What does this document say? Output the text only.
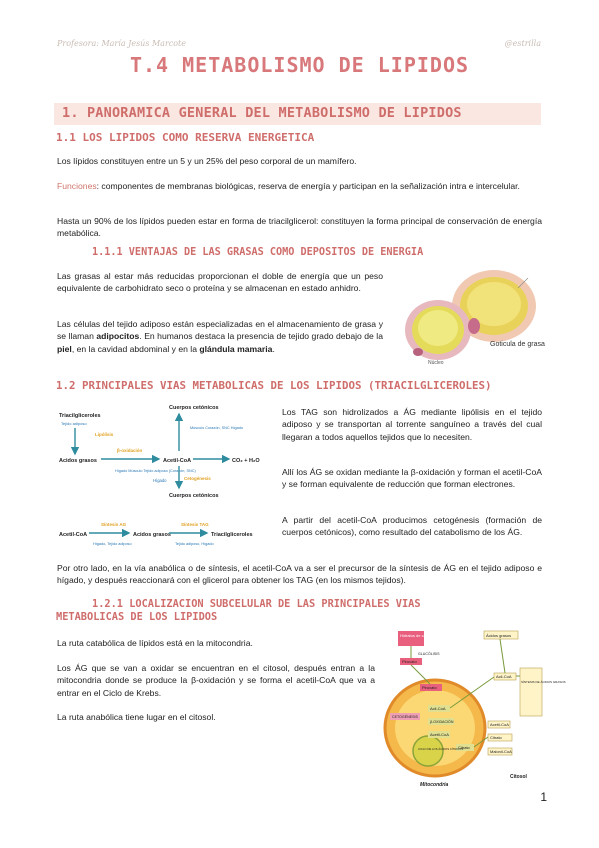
Profesora: María Jesús Marcote	@estrilla
T.4 METABOLISMO DE LIPIDOS
1. PANORAMICA GENERAL DEL METABOLISMO DE LIPIDOS
1.1 LOS LIPIDOS COMO RESERVA ENERGETICA
Los lípidos constituyen entre un 5 y un 25% del peso corporal de un mamífero.
Funciones: componentes de membranas biológicas, reserva de energía y participan en la señalización intra e intercelular.
Hasta un 90% de los lípidos pueden estar en forma de triacilglicerol: constituyen la forma principal de conservación de energía metabólica.
1.1.1 VENTAJAS DE LAS GRASAS COMO DEPOSITOS DE ENERGIA
Las grasas al estar más reducidas proporcionan el doble de energía que un peso equivalente de carbohidrato seco o proteína y se almacenan en estado anhidro.
Las células del tejido adiposo están especializadas en el almacenamiento de grasa y se llaman adipocitos. En humanos destaca la presencia de tejido grado debajo de la piel, en la cavidad abdominal y en la glándula mamaria.	Goticula de grasa
Núcleo
1.2 PRINCIPALES VIAS METABOLICAS DE LOS LIPIDOS (TRIACILGLICEROLES)
Triacilgliceroles
Tejido adiposo
Lipólisis
Cuerpos cetónicos
Músculo Corazón, SNC Hígado
β-oxidación
Acidos grasos	Acetil-CoA	CO₂ + H₂O
Hígado Músculo Tejido adiposo (Corazón, SNC)
Hígado	Cetogénesis
Cuerpos cetónicos
Acetil-CoA
Síntesis AG
Acidos grasos
Síntesis TAG
Triacilgliceroles
Hígado, Tejido adiposo	Tejido adiposo, Hígado
Los TAG son hidrolizados a ÁG mediante lipólisis en el tejido adiposo y se transportan al torrente sanguíneo a través del cual llegaran a todos aquellos tejidos que lo necesiten.
Allí los ÁG se oxidan mediante la β-oxidación y forman el acetil-CoA y se forman equivalente de reducción que forman electrones.
A partir del acetil-CoA producimos cetogénesis (formación de cuerpos cetónicos), como resultado del catabolismo de los ÁG.
Por otro lado, en la vía anabólica o de síntesis, el acetil-CoA va a ser el precursor de la síntesis de ÁG en el tejido adiposo e hígado, y después reaccionará con el glicerol para obtener los TAG (en los mismos tejidos).
1.2.1 LOCALIZACION SUBCELULAR DE LAS PRINCIPALES VIAS
METABOLICAS DE LOS LIPIDOS
La ruta catabólica de lípidos está en la mitocondria.
Los ÁG que se van a oxidar se encuentran en el citosol, después entran a la mitocondria donde se produce la β-oxidación y se forma el acetil-CoA que va a entrar en el Ciclo de Krebs.
La ruta anabólica tiene lugar en el citosol.
Hidratos de carbono
GLUCÓLISIS
Piruvato
Piruvato
Ácidos grasos
Acil-CoA
Acil-CoA
β-OXIDACIÓN
CETOGÉNESIS
Acetil-CoA
Acetil-CoA
CICLO DE LOS ÁCIDOS CÍTRICOS
Citrato
Citrato
Malonil-CoA
SÍNTESIS DE ÁCIDOS GRASOS
Citosol
Mitocondria
1
